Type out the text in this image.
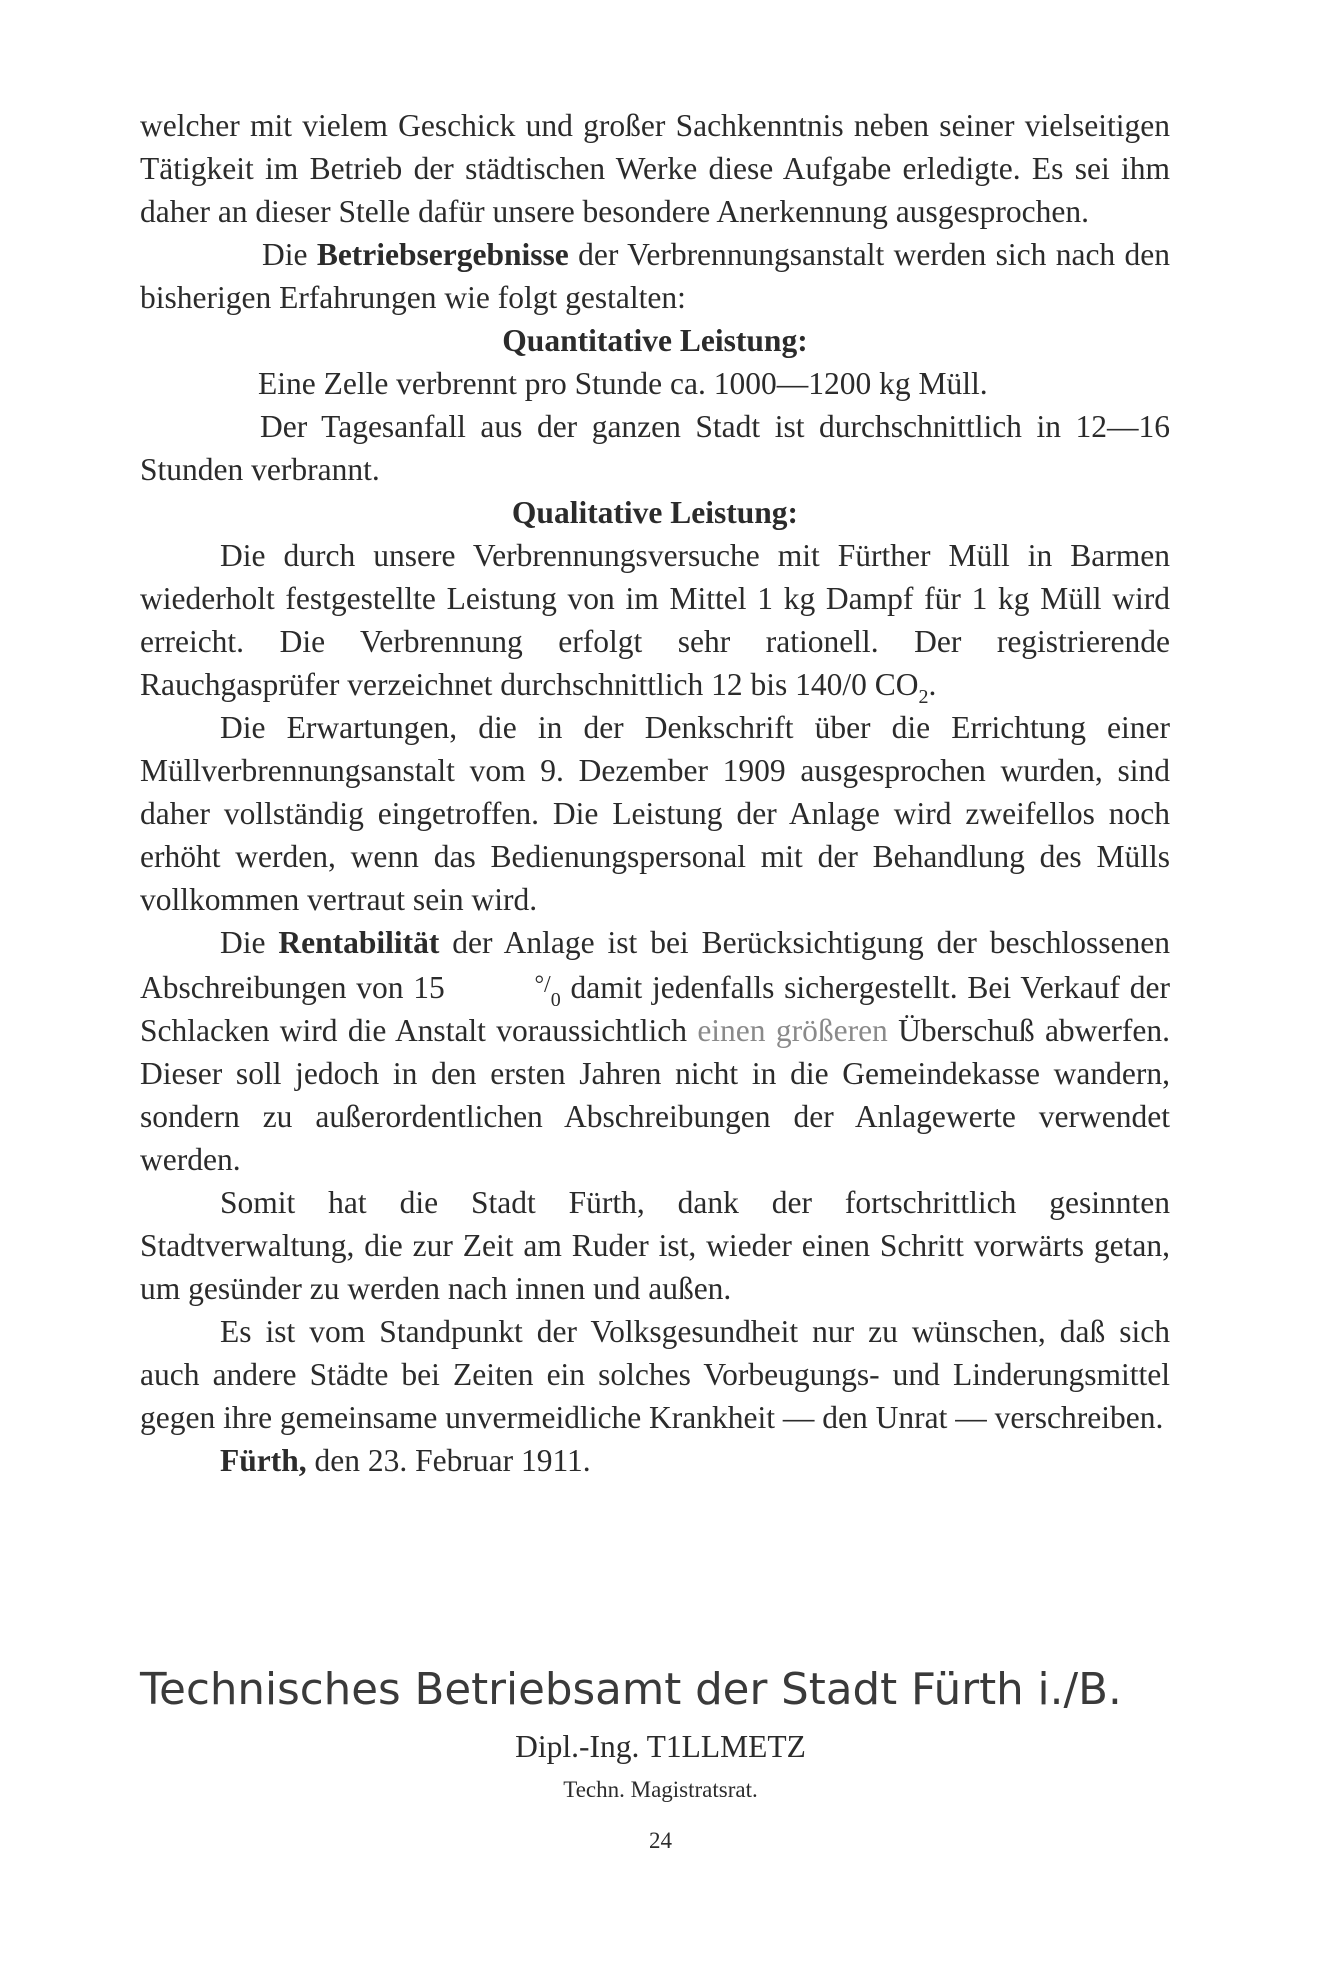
welcher mit vielem Geschick und großer Sachkenntnis neben seiner vielseitigen Tätigkeit im Betrieb der städtischen Werke diese Aufgabe erledigte. Es sei ihm daher an dieser Stelle dafür unsere besondere Anerkennung ausgesprochen.

Die Betriebsergebnisse der Verbrennungsanstalt werden sich nach den bisherigen Erfahrungen wie folgt gestalten:

Quantitative Leistung:

Eine Zelle verbrennt pro Stunde ca. 1000—1200 kg Müll.

Der Tagesanfall aus der ganzen Stadt ist durchschnittlich in 12—16 Stunden verbrannt.

Qualitative Leistung:

Die durch unsere Verbrennungsversuche mit Fürther Müll in Barmen wiederholt festgestellte Leistung von im Mittel 1 kg Dampf für 1 kg Müll wird erreicht. Die Verbrennung erfolgt sehr rationell. Der registrierende Rauchgasprüfer verzeichnet durchschnittlich 12 bis 140/0 $CO_2$.

Die Erwartungen, die in der Denkschrift über die Errichtung einer Müllverbrennungsanstalt vom 9. Dezember 1909 ausgesprochen wurden, sind daher vollständig eingetroffen. Die Leistung der Anlage wird zweifellos noch erhöht werden, wenn das Bedienungspersonal mit der Behandlung des Mülls vollkommen vertraut sein wird.

Die Rentabilität der Anlage ist bei Berücksichtigung der beschlossenen Abschreibungen von 15	$^\circ/_0$ damit jedenfalls sichergestellt. Bei Verkauf der Schlacken wird die Anstalt voraussichtlich einen größeren Überschuß abwerfen. Dieser soll jedoch in den ersten Jahren nicht in die Gemeindekasse wandern, sondern zu außerordentlichen Abschreibungen der Anlagewerte verwendet werden.

Somit hat die Stadt Fürth, dank der fortschrittlich gesinnten Stadtverwaltung, die zur Zeit am Ruder ist, wieder einen Schritt vorwärts getan, um gesünder zu werden nach innen und außen.

Es ist vom Standpunkt der Volksgesundheit nur zu wünschen, daß sich auch andere Städte bei Zeiten ein solches Vorbeugungs- und Linderungsmittel gegen ihre gemeinsame unvermeidliche Krankheit — den Unrat — verschreiben.

Fürth, den 23. Februar 1911.

Technisches Betriebsamt der Stadt Fürth i./B.
Dipl.-Ing. T1LLMETZ
Techn. Magistratsrat.
24
